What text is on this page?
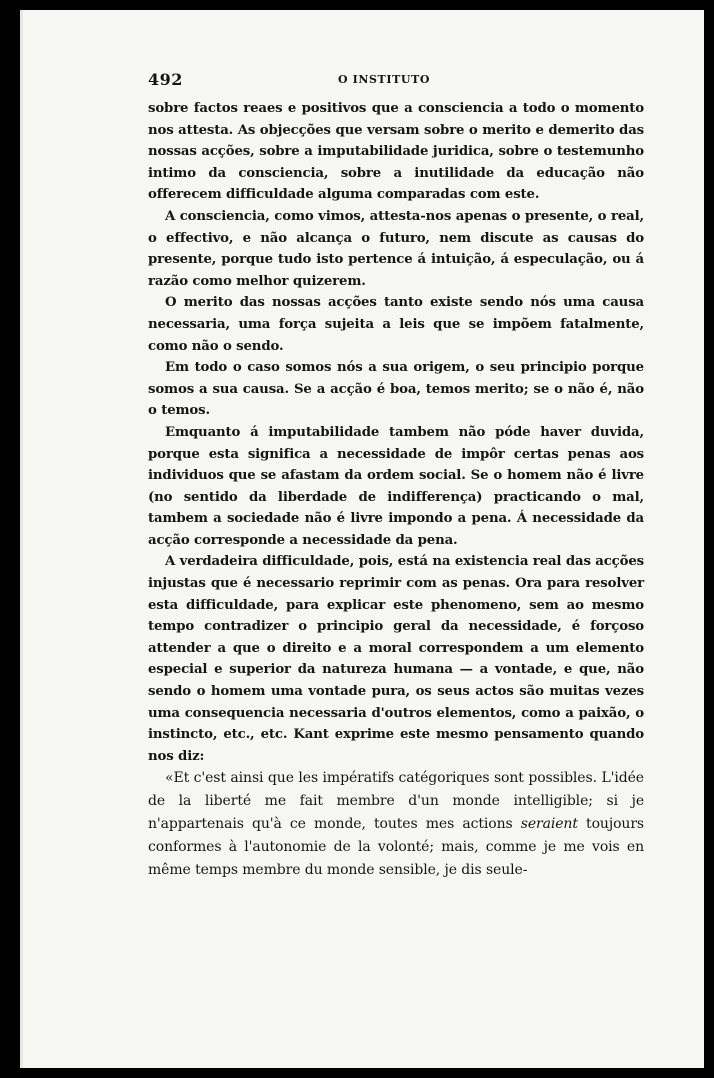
492	O INSTITUTO

sobre factos reaes e positivos que a consciencia a todo o momento nos attesta. As objecções que versam sobre o merito e demerito das nossas acções, sobre a imputabilidade juridica, sobre o testemunho intimo da consciencia, sobre a inutilidade da educação não offerecem difficuldade alguma comparadas com este.

A consciencia, como vimos, attesta-nos apenas o presente, o real, o effectivo, e não alcança o futuro, nem discute as causas do presente, porque tudo isto pertence á intuição, á especulação, ou á razão como melhor quizerem.

O merito das nossas acções tanto existe sendo nós uma causa necessaria, uma força sujeita a leis que se impõem fatalmente, como não o sendo.

Em todo o caso somos nós a sua origem, o seu principio porque somos a sua causa. Se a acção é boa, temos merito; se o não é, não o temos.

Emquanto á imputabilidade tambem não póde haver duvida, porque esta significa a necessidade de impôr certas penas aos individuos que se afastam da ordem social. Se o homem não é livre (no sentido da liberdade de indifferença) practicando o mal, tambem a sociedade não é livre impondo a pena. Á necessidade da acção corresponde a necessidade da pena.

A verdadeira difficuldade, pois, está na existencia real das acções injustas que é necessario reprimir com as penas. Ora para resolver esta difficuldade, para explicar este phenomeno, sem ao mesmo tempo contradizer o principio geral da necessidade, é forçoso attender a que o direito e a moral correspondem a um elemento especial e superior da natureza humana — a vontade, e que, não sendo o homem uma vontade pura, os seus actos são muitas vezes uma consequencia necessaria d'outros elementos, como a paixão, o instincto, etc., etc. Kant exprime este mesmo pensamento quando nos diz:

«Et c'est ainsi que les impératifs catégoriques sont possibles. L'idée de la liberté me fait membre d'un monde intelligible; si je n'appartenais qu'à ce monde, toutes mes actions seraient toujours conformes à l'autonomie de la volonté; mais, comme je me vois en même temps membre du monde sensible, je dis seule-
